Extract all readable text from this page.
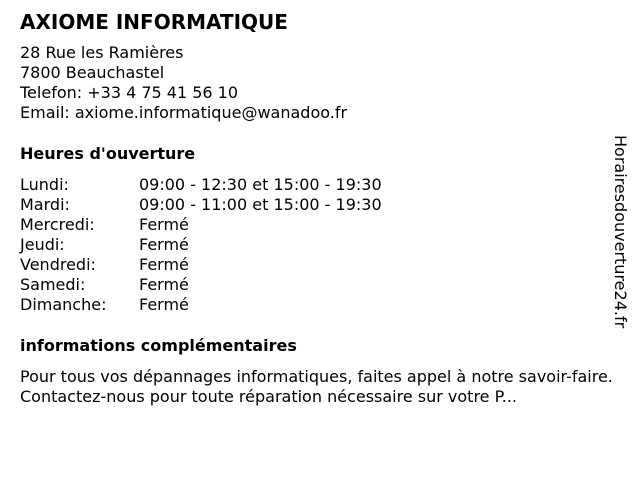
AXIOME INFORMATIQUE
28 Rue les Ramières
7800 Beauchastel
Telefon: +33 4 75 41 56 10
Email: axiome.informatique@wanadoo.fr
Heures d'ouverture
Lundi:	09:00 - 12:30 et 15:00 - 19:30
Mardi:	09:00 - 11:00 et 15:00 - 19:30
Mercredi:	Fermé
Jeudi:	Fermé
Vendredi:	Fermé
Samedi:	Fermé
Dimanche:	Fermé
informations complémentaires
Pour tous vos dépannages informatiques, faites appel à notre savoir-faire. Contactez-nous pour toute réparation nécessaire sur votre P...
Horairesdouverture24.fr
